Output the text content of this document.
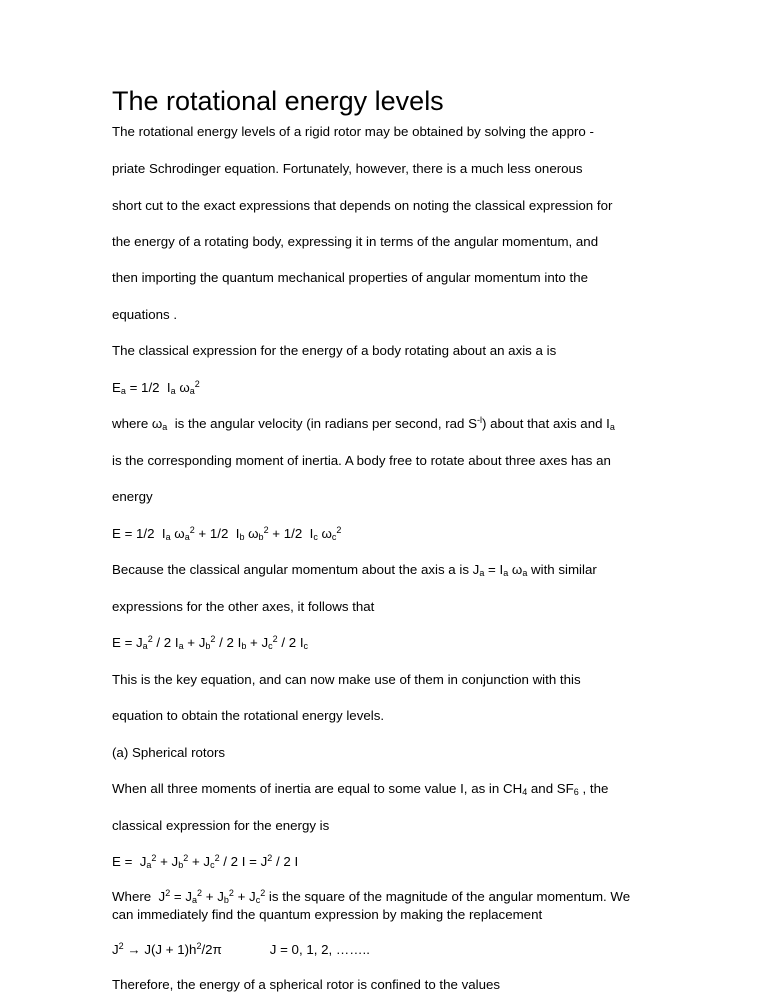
The rotational energy levels

The rotational energy levels of a rigid rotor may be obtained by solving the appro -

priate Schrodinger equation. Fortunately, however, there is a much less onerous

short cut to the exact expressions that depends on noting the classical expression for

the energy of a rotating body, expressing it in terms of the angular momentum, and

then importing the quantum mechanical properties of angular momentum into the

equations .

The classical expression for the energy of a body rotating about an axis a is

$E_a = 1/2$  $I_a$ $\omega_a^2$

where $\omega_a$ is the angular velocity (in radians per second, rad $S^{-l}$) about that axis and $I_a$

is the corresponding moment of inertia. A body free to rotate about three axes has an

energy

E = 1/2  $I_a$ $\omega_a^2 + 1/2$  $I_b$ $\omega_b^2 + 1/2$  $I_c$ $\omega_c^2$

Because the classical angular momentum about the axis a is $J_a = I_a$ $\omega_a$ with similar

expressions for the other axes, it follows that

$E = J_a^2 / 2$ $I_a + J_b^2 / 2$ $I_b + J_c^2 / 2$ $I_c$

This is the key equation, and can now make use of them in conjunction with this

equation to obtain the rotational energy levels.

(a) Spherical rotors

When all three moments of inertia are equal to some value I, as in $CH_4$ and $SF_6$ , the

classical expression for the energy is

$E = J_a^2 + J_b^2 + J_c^2 / 2$ $I = J^2 / 2$ I

Where  $J^2 = J_a^2 + J_b^2 + J_c^2$ is the square of the magnitude of the angular momentum. We

can immediately find the quantum expression by making the replacement

$J^2 \to J(J + 1)h^2/2\pi$	J = 0, 1, 2, ……..

Therefore, the energy of a spherical rotor is confined to the values
